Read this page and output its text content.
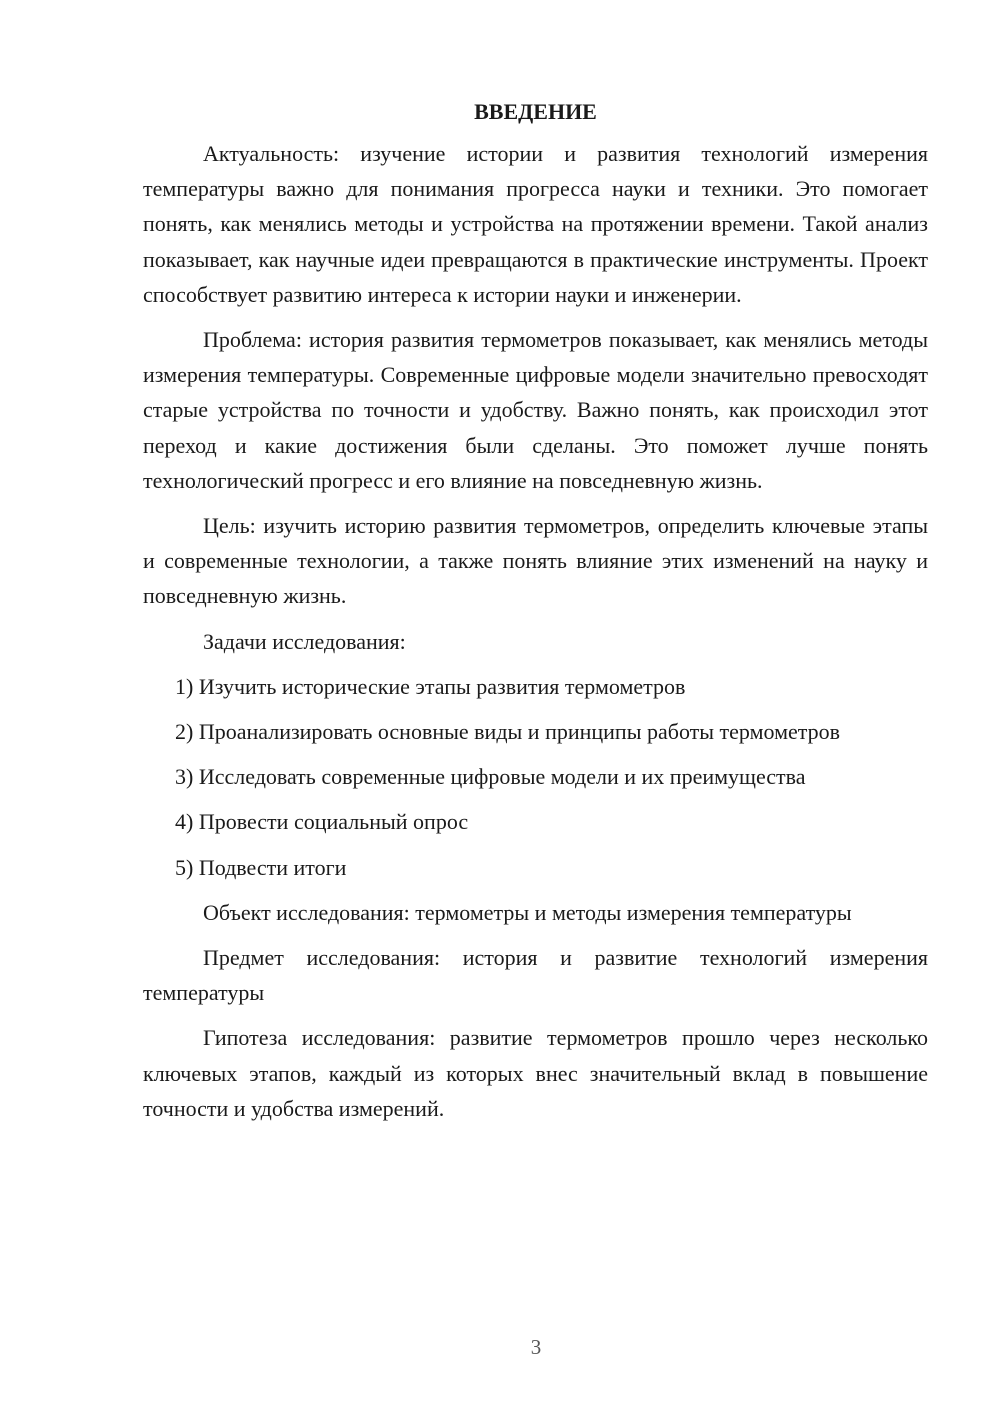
ВВЕДЕНИЕ

Актуальность: изучение истории и развития технологий измерения температуры важно для понимания прогресса науки и техники. Это помогает понять, как менялись методы и устройства на протяжении времени. Такой анализ показывает, как научные идеи превращаются в практические инструменты. Проект способствует развитию интереса к истории науки и инженерии.

Проблема: история развития термометров показывает, как менялись методы измерения температуры. Современные цифровые модели значительно превосходят старые устройства по точности и удобству. Важно понять, как происходил этот переход и какие достижения были сделаны. Это поможет лучше понять технологический прогресс и его влияние на повседневную жизнь.

Цель: изучить историю развития термометров, определить ключевые этапы и современные технологии, а также понять влияние этих изменений на науку и повседневную жизнь.

Задачи исследования:

1) Изучить исторические этапы развития термометров

2) Проанализировать основные виды и принципы работы термометров

3) Исследовать современные цифровые модели и их преимущества

4) Провести социальный опрос

5) Подвести итоги

Объект исследования: термометры и методы измерения температуры

Предмет исследования: история и развитие технологий измерения температуры

Гипотеза исследования: развитие термометров прошло через несколько ключевых этапов, каждый из которых внес значительный вклад в повышение точности и удобства измерений.

3
